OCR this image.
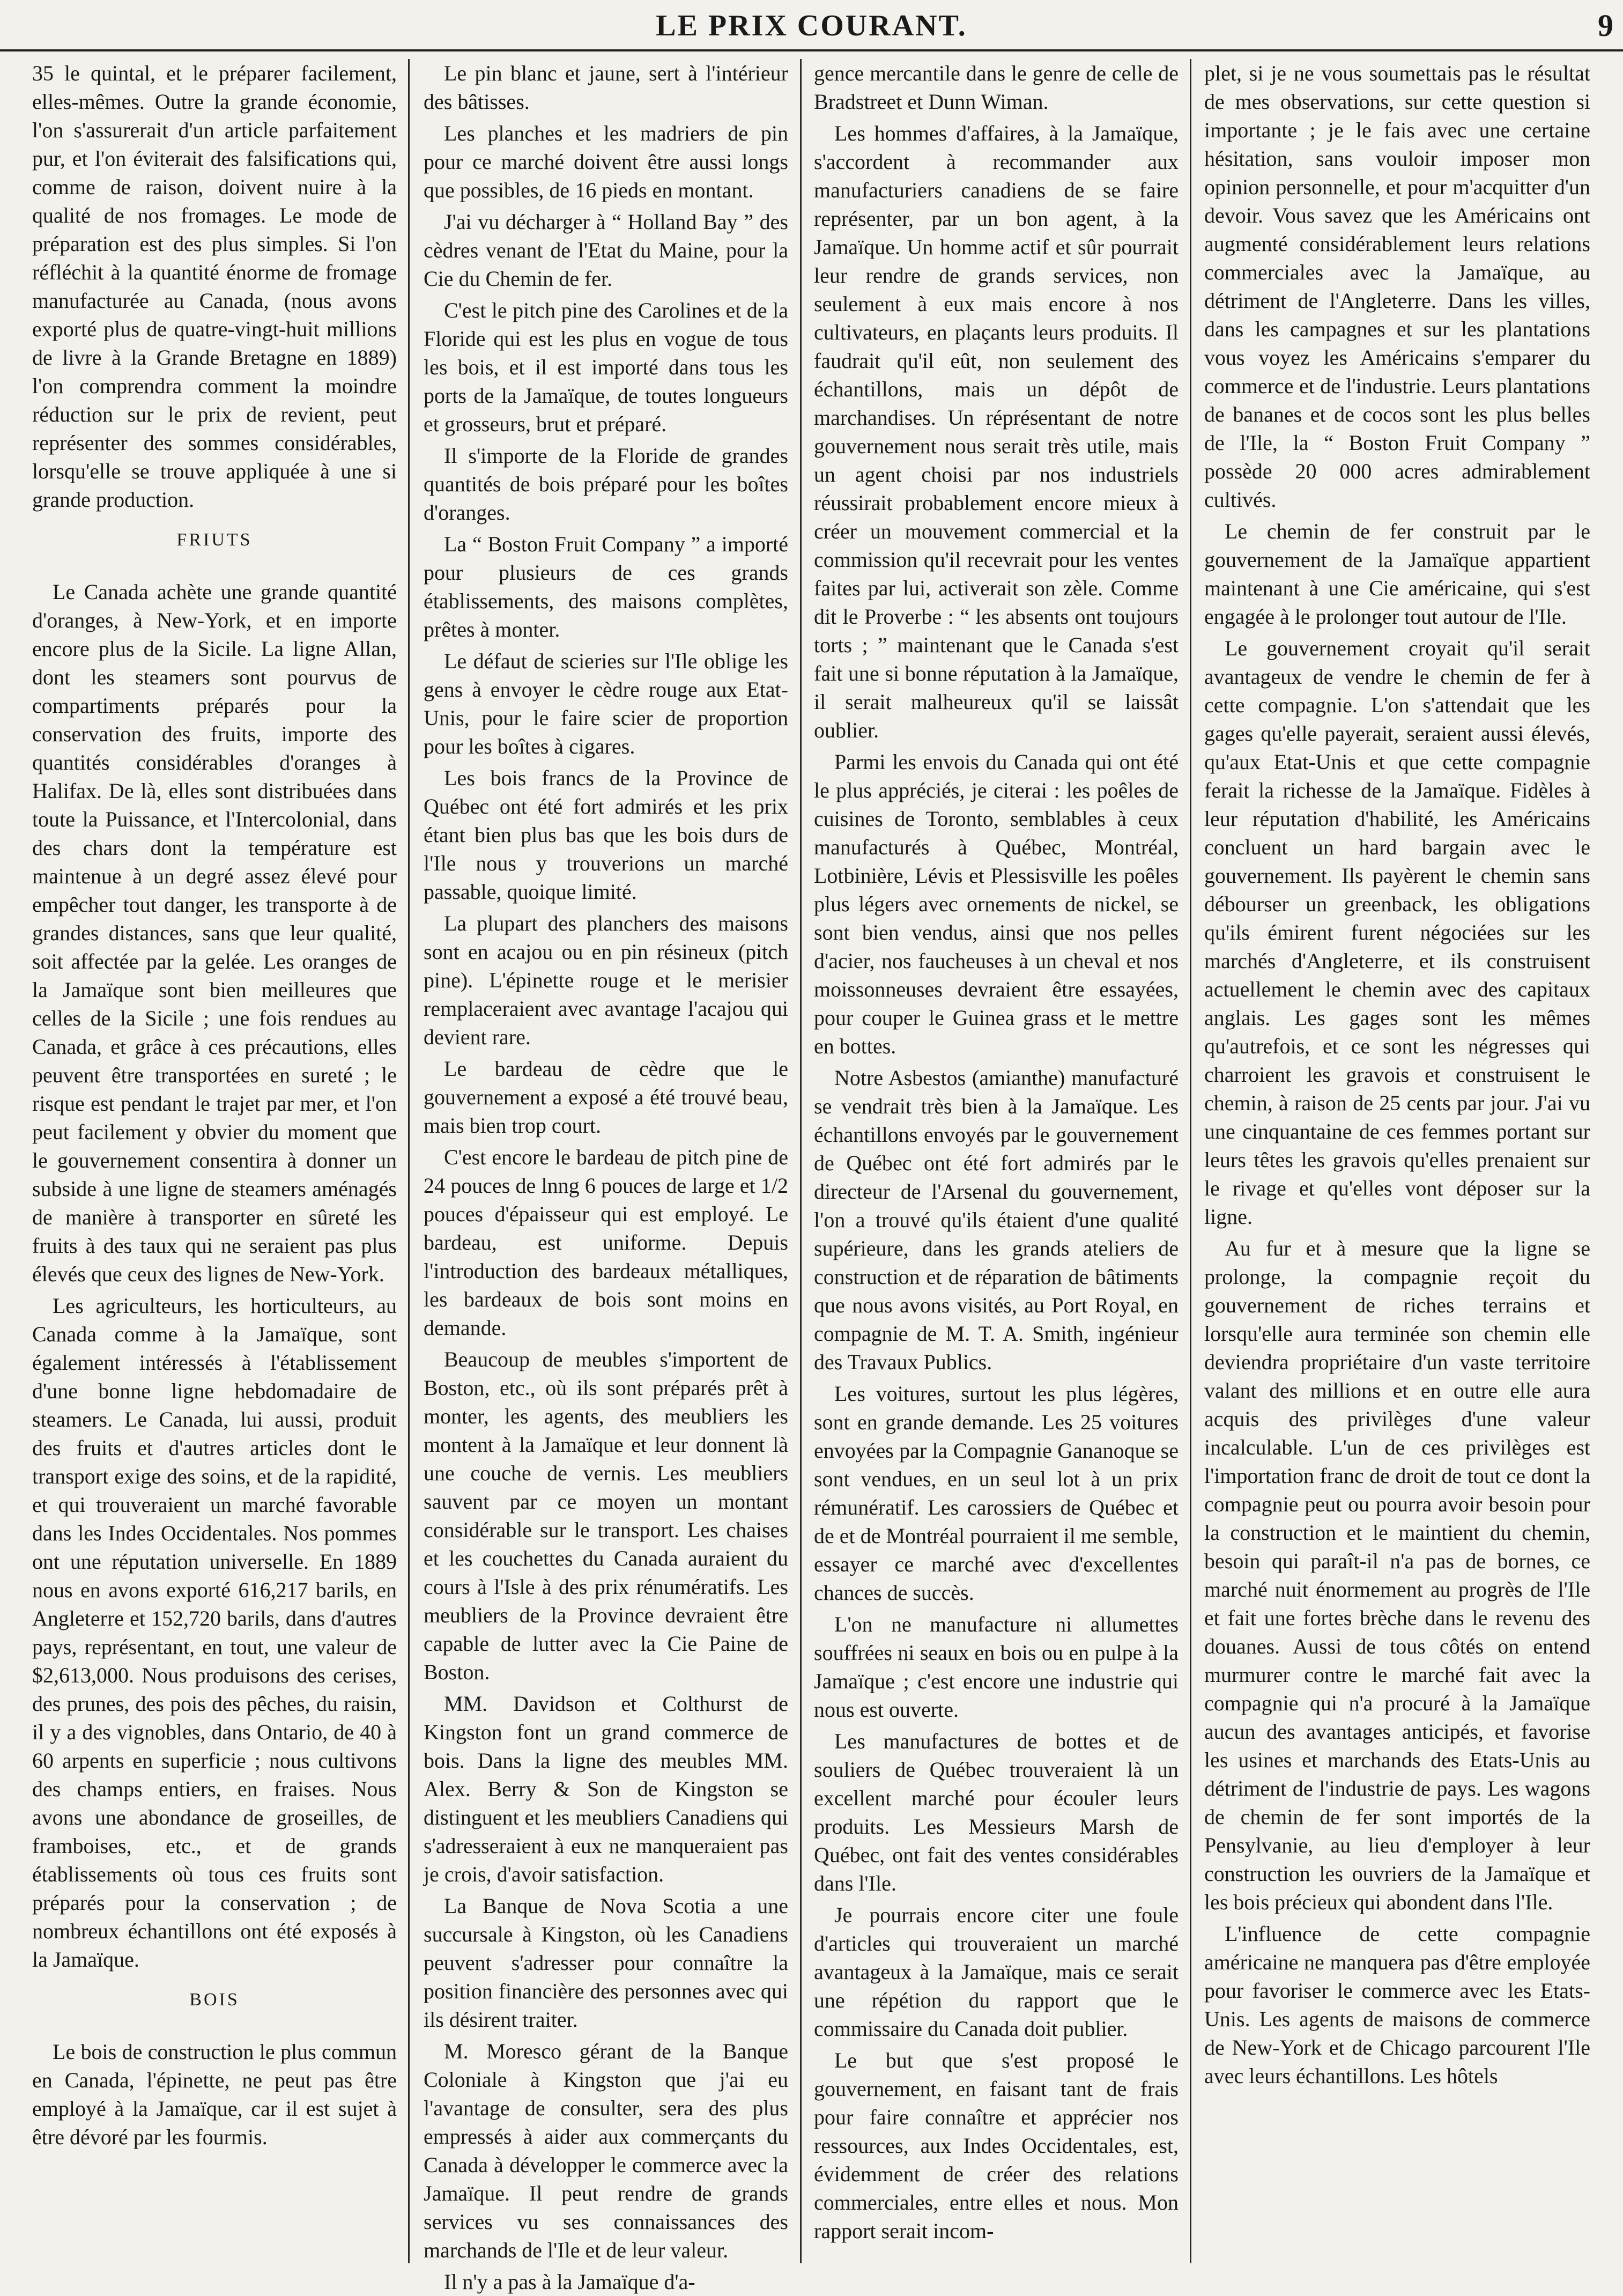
LE PRIX COURANT.	9

35 le quintal, et le préparer facilement, elles-mêmes. Outre la grande économie, l'on s'assurerait d'un article parfaitement pur, et l'on éviterait des falsifications qui, comme de raison, doivent nuire à la qualité de nos fromages. Le mode de préparation est des plus simples. Si l'on réfléchit à la quantité énorme de fromage manufacturée au Canada, (nous avons exporté plus de quatre-vingt-huit millions de livre à la Grande Bretagne en 1889) l'on comprendra comment la moindre réduction sur le prix de revient, peut représenter des sommes considérables, lorsqu'elle se trouve appliquée à une si grande production.

FRIUTS

Le Canada achète une grande quantité d'oranges, à New-York, et en importe encore plus de la Sicile. La ligne Allan, dont les steamers sont pourvus de compartiments préparés pour la conservation des fruits, importe des quantités considérables d'oranges à Halifax. De là, elles sont distribuées dans toute la Puissance, et l'Intercolonial, dans des chars dont la température est maintenue à un degré assez élevé pour empêcher tout danger, les transporte à de grandes distances, sans que leur qualité, soit affectée par la gelée. Les oranges de la Jamaïque sont bien meilleures que celles de la Sicile ; une fois rendues au Canada, et grâce à ces précautions, elles peuvent être transportées en sureté ; le risque est pendant le trajet par mer, et l'on peut facilement y obvier du moment que le gouvernement consentira à donner un subside à une ligne de steamers aménagés de manière à transporter en sûreté les fruits à des taux qui ne seraient pas plus élevés que ceux des lignes de New-York.

Les agriculteurs, les horticulteurs, au Canada comme à la Jamaïque, sont également intéressés à l'établissement d'une bonne ligne hebdomadaire de steamers. Le Canada, lui aussi, produit des fruits et d'autres articles dont le transport exige des soins, et de la rapidité, et qui trouveraient un marché favorable dans les Indes Occidentales. Nos pommes ont une réputation universelle. En 1889 nous en avons exporté 616,217 barils, en Angleterre et 152,720 barils, dans d'autres pays, représentant, en tout, une valeur de $2,613,000. Nous produisons des cerises, des prunes, des pois des pêches, du raisin, il y a des vignobles, dans Ontario, de 40 à 60 arpents en superficie ; nous cultivons des champs entiers, en fraises. Nous avons une abondance de groseilles, de framboises, etc., et de grands établissements où tous ces fruits sont préparés pour la conservation ; de nombreux échantillons ont été exposés à la Jamaïque.

BOIS

Le bois de construction le plus commun en Canada, l'épinette, ne peut pas être employé à la Jamaïque, car il est sujet à être dévoré par les fourmis.

Le pin blanc et jaune, sert à l'intérieur des bâtisses.

Les planches et les madriers de pin pour ce marché doivent être aussi longs que possibles, de 16 pieds en montant.

J'ai vu décharger à “ Holland Bay ” des cèdres venant de l'Etat du Maine, pour la Cie du Chemin de fer.

C'est le pitch pine des Carolines et de la Floride qui est les plus en vogue de tous les bois, et il est importé dans tous les ports de la Jamaïque, de toutes longueurs et grosseurs, brut et préparé.

Il s'importe de la Floride de grandes quantités de bois préparé pour les boîtes d'oranges.

La “ Boston Fruit Company ” a importé pour plusieurs de ces grands établissements, des maisons complètes, prêtes à monter.

Le défaut de scieries sur l'Ile oblige les gens à envoyer le cèdre rouge aux Etat-Unis, pour le faire scier de proportion pour les boîtes à cigares.

Les bois francs de la Province de Québec ont été fort admirés et les prix étant bien plus bas que les bois durs de l'Ile nous y trouverions un marché passable, quoique limité.

La plupart des planchers des maisons sont en acajou ou en pin résineux (pitch pine). L'épinette rouge et le merisier remplaceraient avec avantage l'acajou qui devient rare.

Le bardeau de cèdre que le gouvernement a exposé a été trouvé beau, mais bien trop court.

C'est encore le bardeau de pitch pine de 24 pouces de lnng 6 pouces de large et 1/2 pouces d'épaisseur qui est employé. Le bardeau, est uniforme. Depuis l'introduction des bardeaux métalliques, les bardeaux de bois sont moins en demande.

Beaucoup de meubles s'importent de Boston, etc., où ils sont préparés prêt à monter, les agents, des meubliers les montent à la Jamaïque et leur donnent là une couche de vernis. Les meubliers sauvent par ce moyen un montant considérable sur le transport. Les chaises et les couchettes du Canada auraient du cours à l'Isle à des prix rénumératifs. Les meubliers de la Province devraient être capable de lutter avec la Cie Paine de Boston.

MM. Davidson et Colthurst de Kingston font un grand commerce de bois. Dans la ligne des meubles MM. Alex. Berry & Son de Kingston se distinguent et les meubliers Canadiens qui s'adresseraient à eux ne manqueraient pas je crois, d'avoir satisfaction.

La Banque de Nova Scotia a une succursale à Kingston, où les Canadiens peuvent s'adresser pour connaître la position financière des personnes avec qui ils désirent traiter.

M. Moresco gérant de la Banque Coloniale à Kingston que j'ai eu l'avantage de consulter, sera des plus empressés à aider aux commerçants du Canada à développer le commerce avec la Jamaïque. Il peut rendre de grands services vu ses connaissances des marchands de l'Ile et de leur valeur.

Il n'y a pas à la Jamaïque d'a-

gence mercantile dans le genre de celle de Bradstreet et Dunn Wiman.

Les hommes d'affaires, à la Jamaïque, s'accordent à recommander aux manufacturiers canadiens de se faire représenter, par un bon agent, à la Jamaïque. Un homme actif et sûr pourrait leur rendre de grands services, non seulement à eux mais encore à nos cultivateurs, en plaçants leurs produits. Il faudrait qu'il eût, non seulement des échantillons, mais un dépôt de marchandises. Un réprésentant de notre gouvernement nous serait très utile, mais un agent choisi par nos industriels réussirait probablement encore mieux à créer un mouvement commercial et la commission qu'il recevrait pour les ventes faites par lui, activerait son zèle. Comme dit le Proverbe : “ les absents ont toujours torts ; ” maintenant que le Canada s'est fait une si bonne réputation à la Jamaïque, il serait malheureux qu'il se laissât oublier.

Parmi les envois du Canada qui ont été le plus appréciés, je citerai : les poêles de cuisines de Toronto, semblables à ceux manufacturés à Québec, Montréal, Lotbinière, Lévis et Plessisville les poêles plus légers avec ornements de nickel, se sont bien vendus, ainsi que nos pelles d'acier, nos faucheuses à un cheval et nos moissonneuses devraient être essayées, pour couper le Guinea grass et le mettre en bottes.

Notre Asbestos (amianthe) manufacturé se vendrait très bien à la Jamaïque. Les échantillons envoyés par le gouvernement de Québec ont été fort admirés par le directeur de l'Arsenal du gouvernement, l'on a trouvé qu'ils étaient d'une qualité supérieure, dans les grands ateliers de construction et de réparation de bâtiments que nous avons visités, au Port Royal, en compagnie de M. T. A. Smith, ingénieur des Travaux Publics.

Les voitures, surtout les plus légères, sont en grande demande. Les 25 voitures envoyées par la Compagnie Gananoque se sont vendues, en un seul lot à un prix rémunératif. Les carossiers de Québec et de et de Montréal pourraient il me semble, essayer ce marché avec d'excellentes chances de succès.

L'on ne manufacture ni allumettes souffrées ni seaux en bois ou en pulpe à la Jamaïque ; c'est encore une industrie qui nous est ouverte.

Les manufactures de bottes et de souliers de Québec trouveraient là un excellent marché pour écouler leurs produits. Les Messieurs Marsh de Québec, ont fait des ventes considérables dans l'Ile.

Je pourrais encore citer une foule d'articles qui trouveraient un marché avantageux à la Jamaïque, mais ce serait une répétion du rapport que le commissaire du Canada doit publier.

Le but que s'est proposé le gouvernement, en faisant tant de frais pour faire connaître et apprécier nos ressources, aux Indes Occidentales, est, évidemment de créer des relations commerciales, entre elles et nous. Mon rapport serait incom-

plet, si je ne vous soumettais pas le résultat de mes observations, sur cette question si importante ; je le fais avec une certaine hésitation, sans vouloir imposer mon opinion personnelle, et pour m'acquitter d'un devoir. Vous savez que les Américains ont augmenté considérablement leurs relations commerciales avec la Jamaïque, au détriment de l'Angleterre. Dans les villes, dans les campagnes et sur les plantations vous voyez les Américains s'emparer du commerce et de l'industrie. Leurs plantations de bananes et de cocos sont les plus belles de l'Ile, la “ Boston Fruit Company ” possède 20 000 acres admirablement cultivés.

Le chemin de fer construit par le gouvernement de la Jamaïque appartient maintenant à une Cie américaine, qui s'est engagée à le prolonger tout autour de l'Ile.

Le gouvernement croyait qu'il serait avantageux de vendre le chemin de fer à cette compagnie. L'on s'attendait que les gages qu'elle payerait, seraient aussi élevés, qu'aux Etat-Unis et que cette compagnie ferait la richesse de la Jamaïque. Fidèles à leur réputation d'habilité, les Américains concluent un hard bargain avec le gouvernement. Ils payèrent le chemin sans débourser un greenback, les obligations qu'ils émirent furent négociées sur les marchés d'Angleterre, et ils construisent actuellement le chemin avec des capitaux anglais. Les gages sont les mêmes qu'autrefois, et ce sont les négresses qui charroient les gravois et construisent le chemin, à raison de 25 cents par jour. J'ai vu une cinquantaine de ces femmes portant sur leurs têtes les gravois qu'elles prenaient sur le rivage et qu'elles vont déposer sur la ligne.

Au fur et à mesure que la ligne se prolonge, la compagnie reçoit du gouvernement de riches terrains et lorsqu'elle aura terminée son chemin elle deviendra propriétaire d'un vaste territoire valant des millions et en outre elle aura acquis des privilèges d'une valeur incalculable. L'un de ces privilèges est l'importation franc de droit de tout ce dont la compagnie peut ou pourra avoir besoin pour la construction et le maintient du chemin, besoin qui paraît-il n'a pas de bornes, ce marché nuit énormement au progrès de l'Ile et fait une fortes brèche dans le revenu des douanes. Aussi de tous côtés on entend murmurer contre le marché fait avec la compagnie qui n'a procuré à la Jamaïque aucun des avantages anticipés, et favorise les usines et marchands des Etats-Unis au détriment de l'industrie de pays. Les wagons de chemin de fer sont importés de la Pensylvanie, au lieu d'employer à leur construction les ouvriers de la Jamaïque et les bois précieux qui abondent dans l'Ile.

L'influence de cette compagnie américaine ne manquera pas d'être employée pour favoriser le commerce avec les Etats-Unis. Les agents de maisons de commerce de New-York et de Chicago parcourent l'Ile avec leurs échantillons. Les hôtels
